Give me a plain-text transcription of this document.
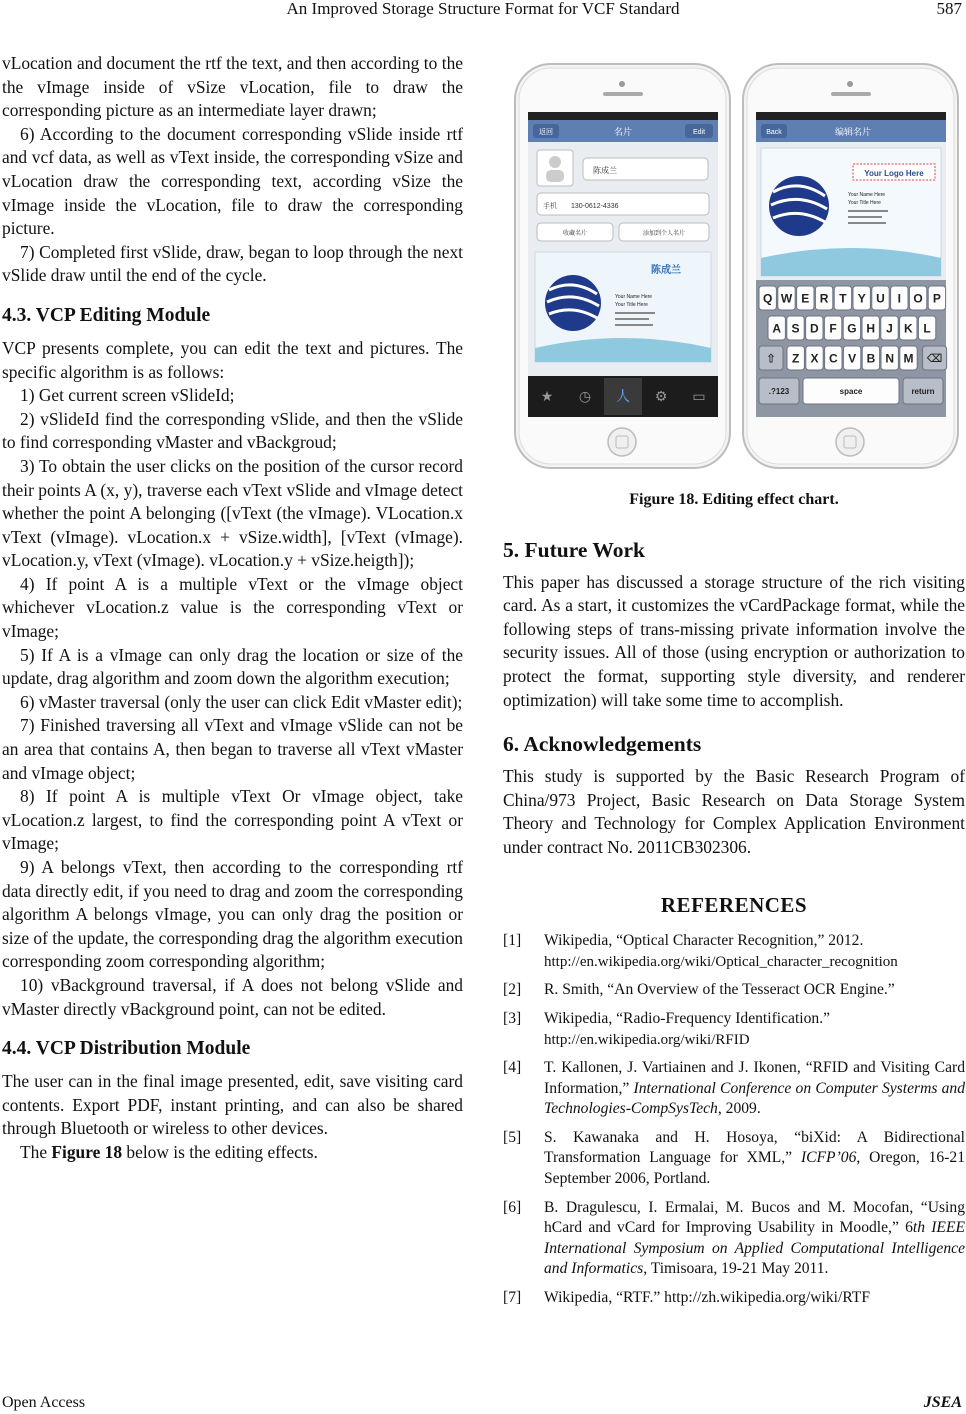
An Improved Storage Structure Format for VCF Standard	587

vLocation and document the rtf the text, and then according to the the vImage inside of vSize vLocation, file to draw the corresponding picture as an intermediate layer drawn;

6) According to the document corresponding vSlide inside rtf and vcf data, as well as vText inside, the corresponding vSize and vLocation draw the corresponding text, according vSize the vImage inside the vLocation, file to draw the corresponding picture.

7) Completed first vSlide, draw, began to loop through the next vSlide draw until the end of the cycle.

4.3. VCP Editing Module

VCP presents complete, you can edit the text and pictures. The specific algorithm is as follows:

1) Get current screen vSlideId;

2) vSlideId find the corresponding vSlide, and then the vSlide to find corresponding vMaster and vBackgroud;

3) To obtain the user clicks on the position of the cursor record their points A (x, y), traverse each vText vSlide and vImage detect whether the point A belonging ([vText (the vImage). VLocation.x vText (vImage). vLocation.x + vSize.width], [vText (vImage). vLocation.y, vText (vImage). vLocation.y + vSize.heigth]);

4) If point A is a multiple vText or the vImage object whichever vLocation.z value is the corresponding vText or vImage;

5) If A is a vImage can only drag the location or size of the update, drag algorithm and zoom down the algorithm execution;

6) vMaster traversal (only the user can click Edit vMaster edit);

7) Finished traversing all vText and vImage vSlide can not be an area that contains A, then began to traverse all vText vMaster and vImage object;

8) If point A is multiple vText Or vImage object, take vLocation.z largest, to find the corresponding point A vText or vImage;

9) A belongs vText, then according to the corresponding rtf data directly edit, if you need to drag and zoom the corresponding algorithm A belongs vImage, you can only drag the position or size of the update, the corresponding drag the algorithm execution corresponding zoom corresponding algorithm;

10) vBackground traversal, if A does not belong vSlide and vMaster directly vBackground point, can not be edited.

4.4. VCP Distribution Module

The user can in the final image presented, edit, save visiting card contents. Export PDF, instant printing, and can also be shared through Bluetooth or wireless to other devices.

The Figure 18 below is the editing effects.

返回	Edit
名片
陈成兰
手机 130-0612-4336
收藏名片	添加到个人名片
陈成兰
Your Name Here
Your Title Here
★ ◷ 人 ⚙ ▭
Back	编辑名片
Your Logo Here
Your Name Here
Your Title Here
Q W E R T Y U I O P
A S D F G H J K L
⇧ Z X C V B N M ⌫
.?123	space	return
Figure 18. Editing effect chart.
5. Future Work

This paper has discussed a storage structure of the rich visiting card. As a start, it customizes the vCardPackage format, while the following steps of trans-missing private information involve the security issues. All of those (using encryption or authorization to protect the format, supporting style diversity, and renderer optimization) will take some time to accomplish.

6. Acknowledgements

This study is supported by the Basic Research Program of China/973 Project, Basic Research on Data Storage System Theory and Technology for Complex Application Environment under contract No. 2011CB302306.

REFERENCES
[1]	Wikipedia, “Optical Character Recognition,” 2012.
http://en.wikipedia.org/wiki/Optical_character_recognition
[2]	R. Smith, “An Overview of the Tesseract OCR Engine.”
[3]	Wikipedia, “Radio-Frequency Identification.”
http://en.wikipedia.org/wiki/RFID
[4]	T. Kallonen, J. Vartiainen and J. Ikonen, “RFID and Visiting Card Information,” International Conference on Computer Systerms and Technologies-CompSysTech, 2009.
[5]	S. Kawanaka and H. Hosoya, “biXid: A Bidirectional Transformation Language for XML,” ICFP’06, Oregon, 16-21 September 2006, Portland.
[6]	B. Dragulescu, I. Ermalai, M. Bucos and M. Mocofan, “Using hCard and vCard for Improving Usability in Moodle,” 6th IEEE International Symposium on Applied Computational Intelligence and Informatics, Timisoara, 19-21 May 2011.
[7]	Wikipedia, “RTF.” http://zh.wikipedia.org/wiki/RTF
Open Access	JSEA
